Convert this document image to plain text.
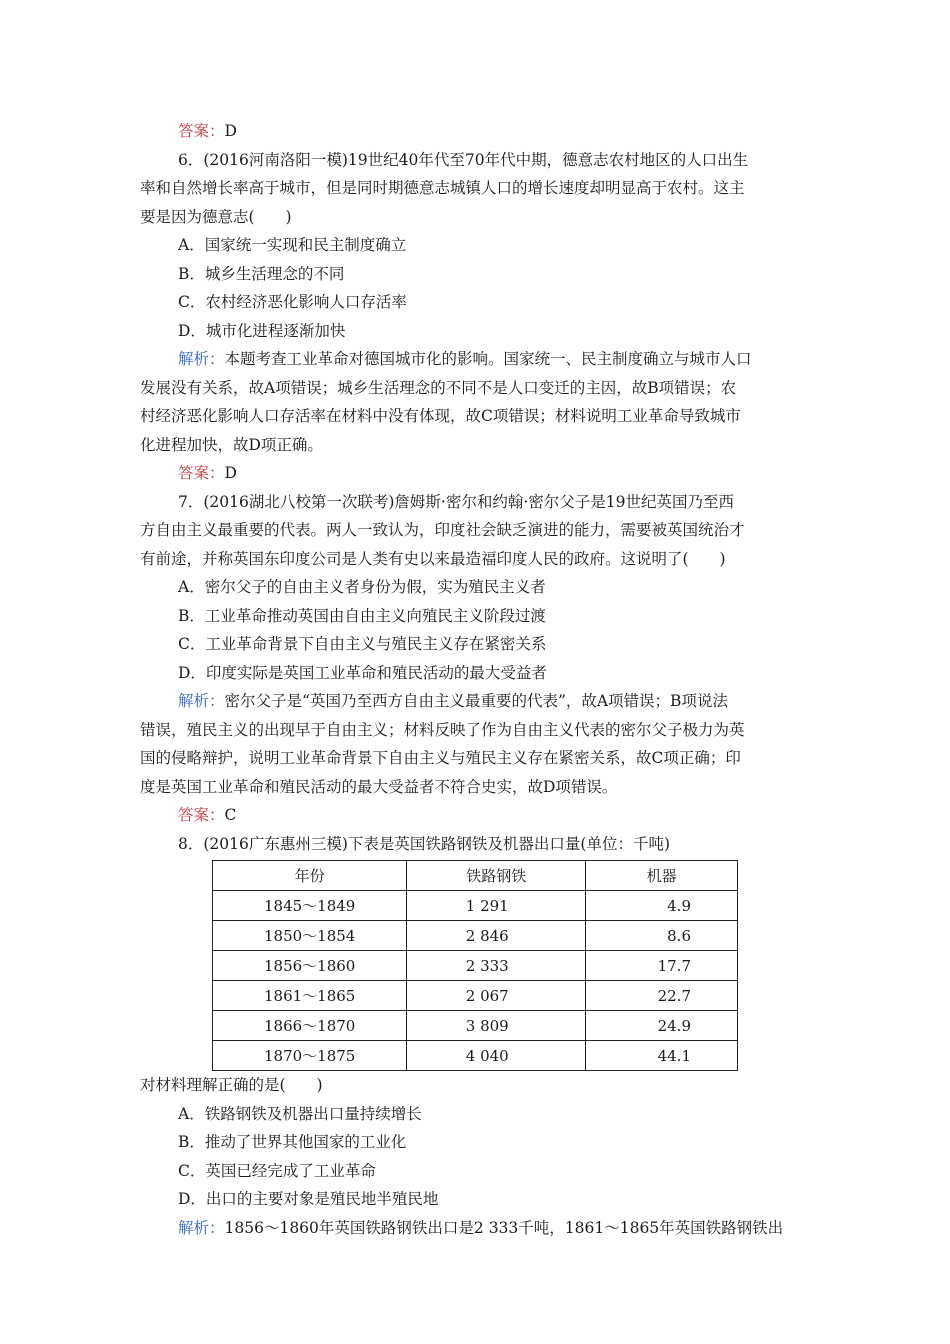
答案：D
6．(2016河南洛阳一模)19世纪40年代至70年代中期，德意志农村地区的人口出生
率和自然增长率高于城市，但是同时期德意志城镇人口的增长速度却明显高于农村。这主
要是因为德意志(　　)
A．国家统一实现和民主制度确立
B．城乡生活理念的不同
C．农村经济恶化影响人口存活率
D．城市化进程逐渐加快
解析：本题考查工业革命对德国城市化的影响。国家统一、民主制度确立与城市人口
发展没有关系，故A项错误；城乡生活理念的不同不是人口变迁的主因，故B项错误；农
村经济恶化影响人口存活率在材料中没有体现，故C项错误；材料说明工业革命导致城市
化进程加快，故D项正确。
答案：D
7．(2016湖北八校第一次联考)詹姆斯·密尔和约翰·密尔父子是19世纪英国乃至西
方自由主义最重要的代表。两人一致认为，印度社会缺乏演进的能力，需要被英国统治才
有前途，并称英国东印度公司是人类有史以来最造福印度人民的政府。这说明了(　　)
A．密尔父子的自由主义者身份为假，实为殖民主义者
B．工业革命推动英国由自由主义向殖民主义阶段过渡
C．工业革命背景下自由主义与殖民主义存在紧密关系
D．印度实际是英国工业革命和殖民活动的最大受益者
解析：密尔父子是“英国乃至西方自由主义最重要的代表”，故A项错误；B项说法
错误，殖民主义的出现早于自由主义；材料反映了作为自由主义代表的密尔父子极力为英
国的侵略辩护，说明工业革命背景下自由主义与殖民主义存在紧密关系，故C项正确；印
度是英国工业革命和殖民活动的最大受益者不符合史实，故D项错误。
答案：C
8．(2016广东惠州三模)下表是英国铁路钢铁及机器出口量(单位：千吨)
年份	铁路钢铁	机器
1845～1849	1 291	4.9
1850～1854	2 846	8.6
1856～1860	2 333	17.7
1861～1865	2 067	22.7
1866～1870	3 809	24.9
1870～1875	4 040	44.1
对材料理解正确的是(　　)
A．铁路钢铁及机器出口量持续增长
B．推动了世界其他国家的工业化
C．英国已经完成了工业革命
D．出口的主要对象是殖民地半殖民地
解析：1856～1860年英国铁路钢铁出口是2 333千吨，1861～1865年英国铁路钢铁出
